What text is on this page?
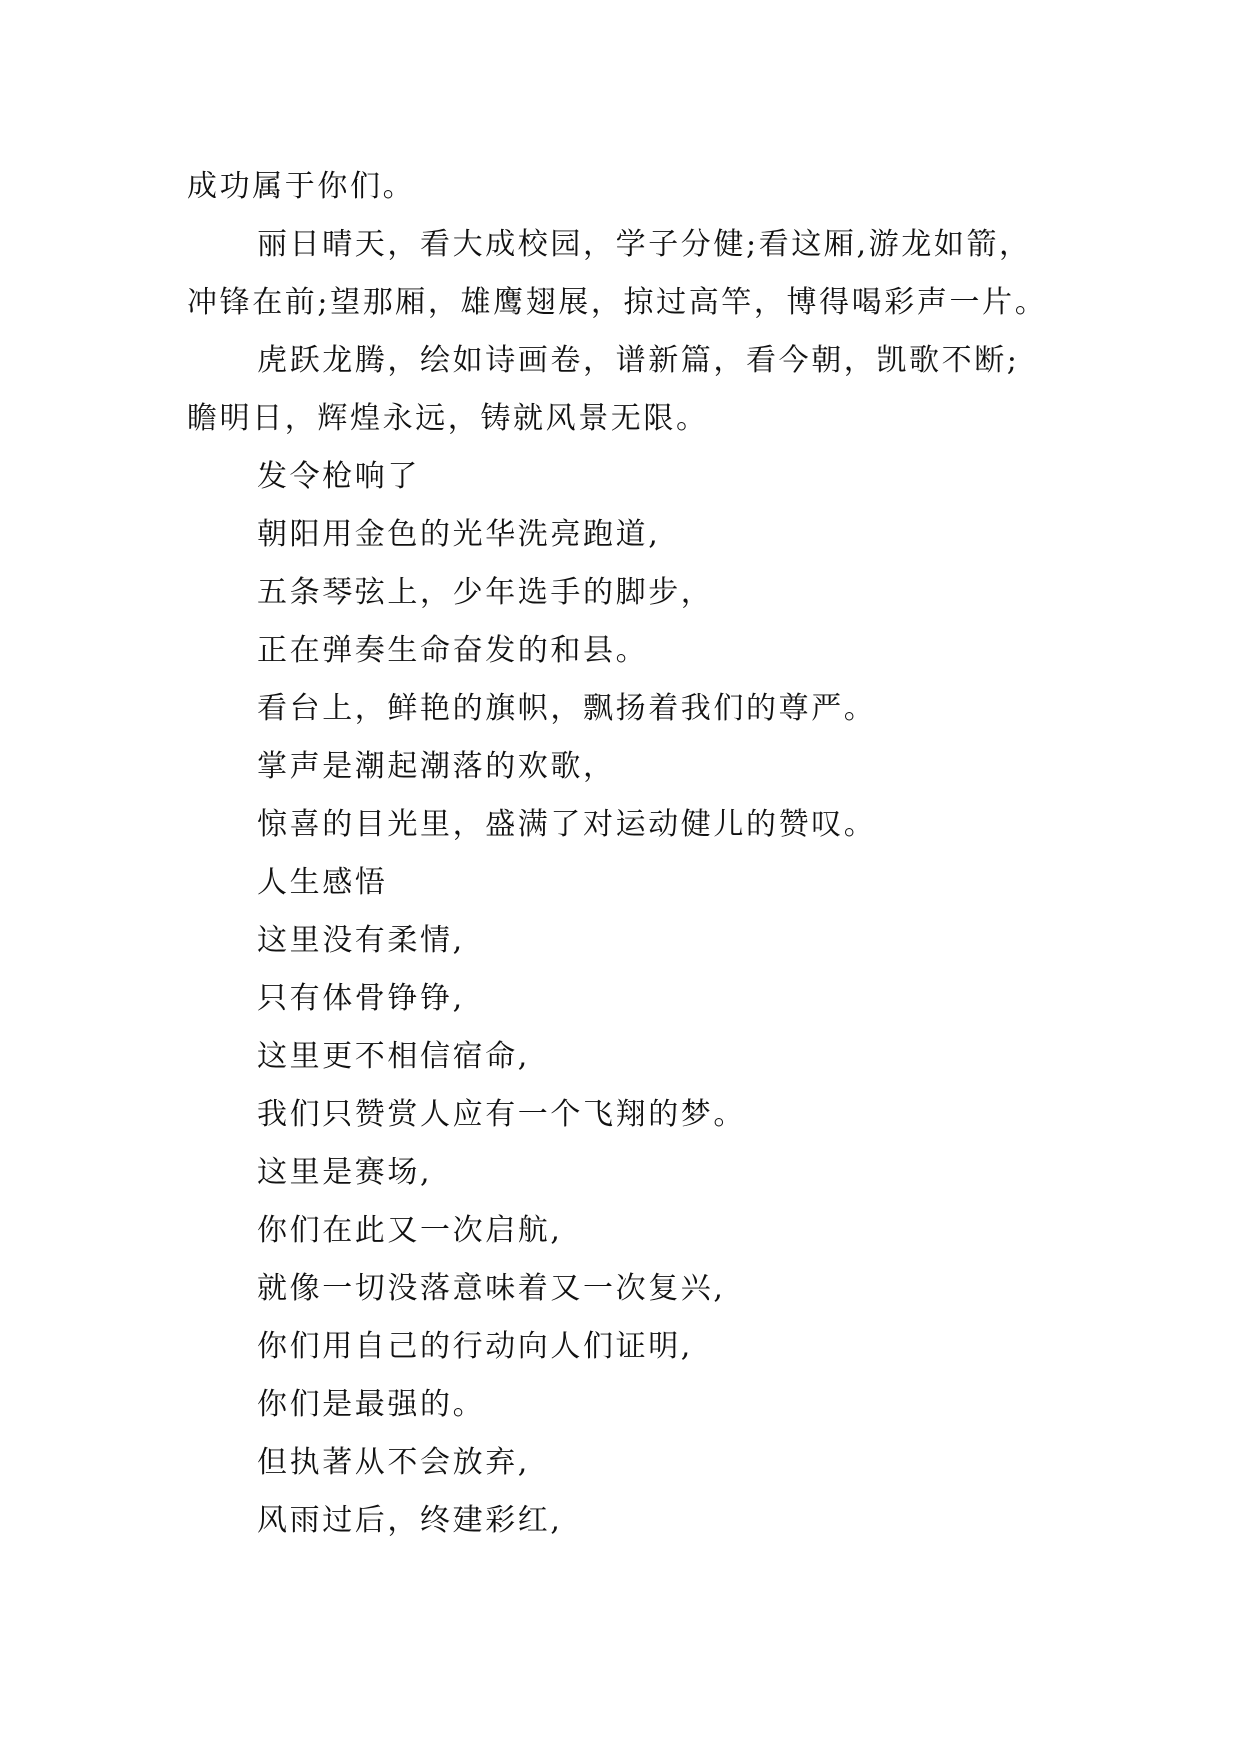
成功属于你们。
丽日晴天，看大成校园，学子分健;看这厢,游龙如箭，
冲锋在前;望那厢，雄鹰翅展，掠过高竿，博得喝彩声一片。
虎跃龙腾，绘如诗画卷，谱新篇，看今朝，凯歌不断;
瞻明日，辉煌永远，铸就风景无限。
发令枪响了
朝阳用金色的光华洗亮跑道,
五条琴弦上，少年选手的脚步，
正在弹奏生命奋发的和县。
看台上，鲜艳的旗帜，飘扬着我们的尊严。
掌声是潮起潮落的欢歌，
惊喜的目光里，盛满了对运动健儿的赞叹。
人生感悟
这里没有柔情,
只有体骨铮铮,
这里更不相信宿命,
我们只赞赏人应有一个飞翔的梦。
这里是赛场,
你们在此又一次启航,
就像一切没落意味着又一次复兴,
你们用自己的行动向人们证明,
你们是最强的。
但执著从不会放弃,
风雨过后，终建彩红,
